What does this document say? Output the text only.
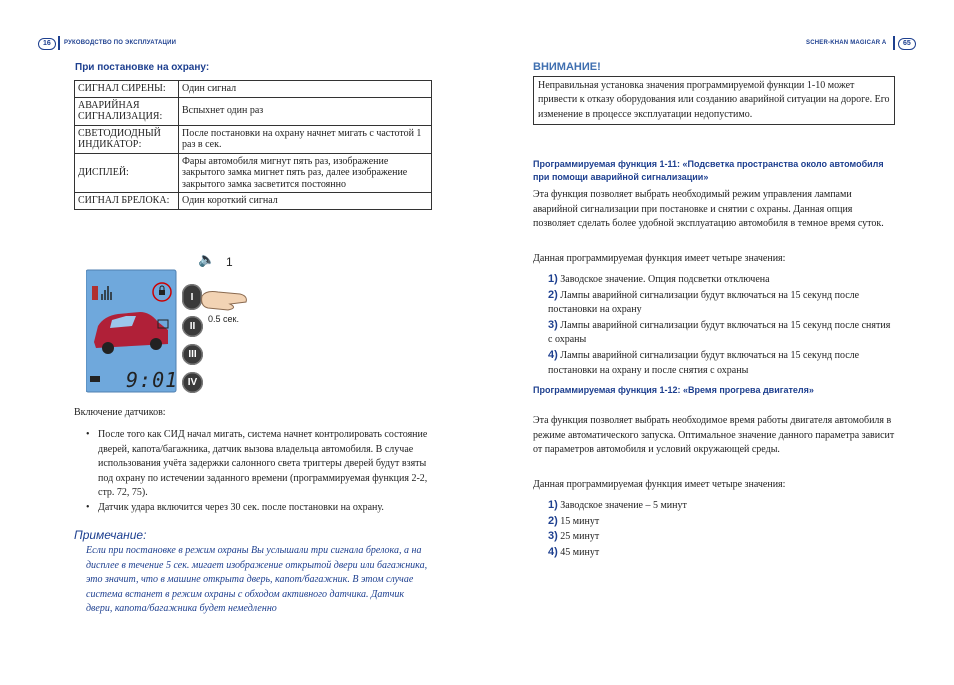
16	РУКОВОДСТВО ПО ЭКСПЛУАТАЦИИ	SCHER-KHAN MAGICAR A	65
При постановке на охрану:
СИГНАЛ СИРЕНЫ:	Один сигнал
АВАРИЙНАЯ СИГНАЛИЗАЦИЯ:	Вспыхнет один раз
СВЕТОДИОДНЫЙ ИНДИКАТОР:	После постановки на охрану начнет мигать с частотой 1 раз в сек.
ДИСПЛЕЙ:	Фары автомобиля мигнут пять раз, изображение закрытого замка мигнет пять раз, далее изображение закрытого замка засветится постоянно
СИГНАЛ БРЕЛОКА:	Один короткий сигнал
9:01
🔈 1
I
II
III
IV
0.5 сек.
Включение датчиков:
• После того как СИД начал мигать, система начнет контролировать состояние дверей, капота/багажника, датчик вызова владельца автомобиля. В случае использования учёта задержки салонного света триггеры дверей будут взяты под охрану по истечении заданного времени (программируемая функция 2-2, стр. 72, 75).
• Датчик удара включится через 30 сек. после постановки на охрану.
Примечание:
Если при постановке в режим охраны Вы услышали три сигнала брелока, а на дисплее в течение 5 сек. мигает изображение открытой двери или багажника, это значит, что в машине открыта дверь, капот/багажник. В этом случае система встанет в режим охраны с обходом активного датчика. Датчик двери, капота/багажника будет немедленно
ВНИМАНИЕ!
Неправильная установка значения программируемой функции 1-10 может привести к отказу оборудования или созданию аварийной ситуации на дороге. Его изменение в процессе эксплуатации недопустимо.
Программируемая функция 1-11: «Подсветка пространства около автомобиля при помощи аварийной сигнализации»
Эта функция позволяет выбрать необходимый режим управления лампами аварийной сигнализации при постановке и снятии с охраны. Данная опция позволяет сделать более удобной эксплуатацию автомобиля в темное время суток.
Данная программируемая функция имеет четыре значения:
1) Заводское значение. Опция подсветки отключена
2) Лампы аварийной сигнализации будут включаться на 15 секунд после постановки на охрану
3) Лампы аварийной сигнализации будут включаться на 15 секунд после снятия с охраны
4) Лампы аварийной сигнализации будут включаться на 15 секунд после постановки на охрану и после снятия с охраны
Программируемая функция 1-12: «Время прогрева двигателя»
Эта функция позволяет выбрать необходимое время работы двигателя автомобиля в режиме автоматического запуска. Оптимальное значение данного параметра зависит от параметров автомобиля и условий окружающей среды.
Данная программируемая функция имеет четыре значения:
1) Заводское значение – 5 минут
2) 15 минут
3) 25 минут
4) 45 минут
